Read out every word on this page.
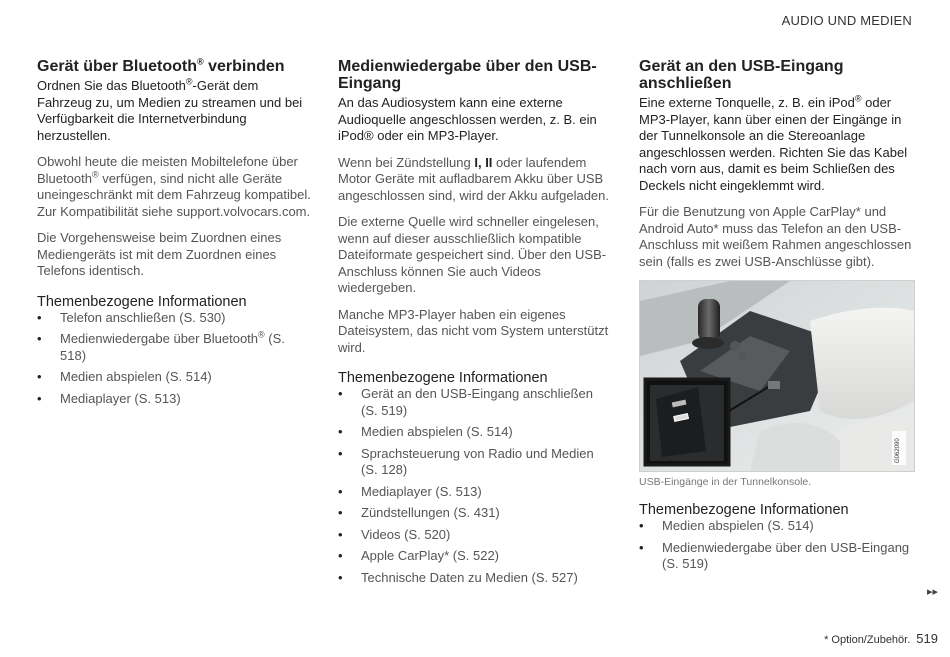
AUDIO UND MEDIEN
Gerät über Bluetooth® verbinden

Ordnen Sie das Bluetooth®-Gerät dem Fahrzeug zu, um Medien zu streamen und bei Verfügbarkeit die Internetverbindung herzustellen.

Obwohl heute die meisten Mobiltelefone über Bluetooth® verfügen, sind nicht alle Geräte uneingeschränkt mit dem Fahrzeug kompatibel. Zur Kompatibilität siehe support.volvocars.com.

Die Vorgehensweise beim Zuordnen eines Mediengeräts ist mit dem Zuordnen eines Telefons identisch.

Themenbezogene Informationen
• Telefon anschließen (S. 530)
• Medienwiedergabe über Bluetooth® (S. 518)
• Medien abspielen (S. 514)
• Mediaplayer (S. 513)
Medienwiedergabe über den USB-Eingang

An das Audiosystem kann eine externe Audioquelle angeschlossen werden, z. B. ein iPod® oder ein MP3-Player.

Wenn bei Zündstellung I, II oder laufendem Motor Geräte mit aufladbarem Akku über USB angeschlossen sind, wird der Akku aufgeladen.

Die externe Quelle wird schneller eingelesen, wenn auf dieser ausschließlich kompatible Dateiformate gespeichert sind. Über den USB-Anschluss können Sie auch Videos wiedergeben.

Manche MP3-Player haben ein eigenes Dateisystem, das nicht vom System unterstützt wird.

Themenbezogene Informationen
• Gerät an den USB-Eingang anschließen (S. 519)
• Medien abspielen (S. 514)
• Sprachsteuerung von Radio und Medien (S. 128)
• Mediaplayer (S. 513)
• Zündstellungen (S. 431)
• Videos (S. 520)
• Apple CarPlay* (S. 522)
• Technische Daten zu Medien (S. 527)
Gerät an den USB-Eingang anschließen

Eine externe Tonquelle, z. B. ein iPod® oder MP3-Player, kann über einen der Eingänge in der Tunnelkonsole an die Stereoanlage angeschlossen werden. Richten Sie das Kabel nach vorn aus, damit es beim Schließen des Deckels nicht eingeklemmt wird.

Für die Benutzung von Apple CarPlay* und Android Auto* muss das Telefon an den USB-Anschluss mit weißem Rahmen angeschlossen sein (falls es zwei USB-Anschlüsse gibt).

G062090
USB-Eingänge in der Tunnelkonsole.
Themenbezogene Informationen
• Medien abspielen (S. 514)
• Medienwiedergabe über den USB-Eingang (S. 519)
▸▸
* Option/Zubehör. 519
